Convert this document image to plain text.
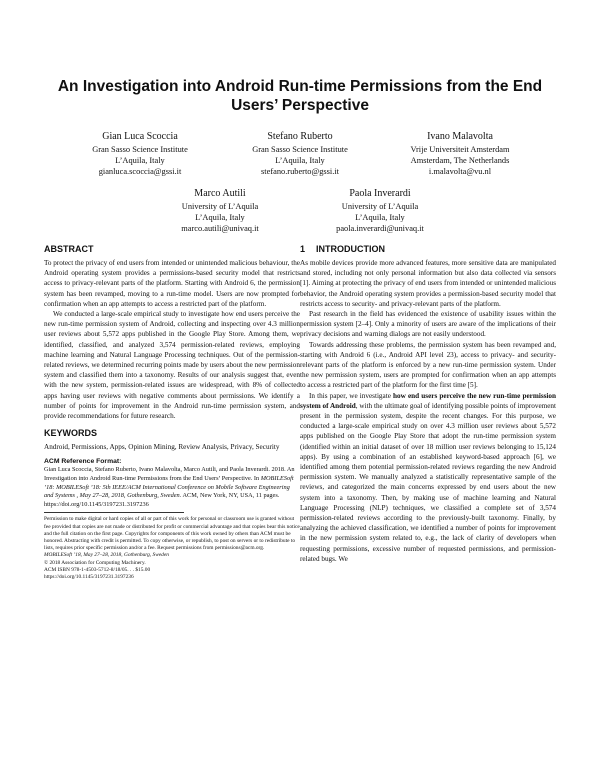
An Investigation into Android Run-time Permissions from the End Users’ Perspective
Gian Luca Scoccia
Gran Sasso Science Institute
L’Aquila, Italy
gianluca.scoccia@gssi.it
Stefano Ruberto
Gran Sasso Science Institute
L’Aquila, Italy
stefano.ruberto@gssi.it
Ivano Malavolta
Vrije Universiteit Amsterdam
Amsterdam, The Netherlands
i.malavolta@vu.nl
Marco Autili
University of L’Aquila
L’Aquila, Italy
marco.autili@univaq.it
Paola Inverardi
University of L’Aquila
L’Aquila, Italy
paola.inverardi@univaq.it
ABSTRACT

To protect the privacy of end users from intended or unintended malicious behaviour, the Android operating system provides a permissions-based security model that restricts access to privacy-relevant parts of the platform. Starting with Android 6, the permission system has been revamped, moving to a run-time model. Users are now prompted for confirmation when an app attempts to access a restricted part of the platform.

We conducted a large-scale empirical study to investigate how end users perceive the new run-time permission system of Android, collecting and inspecting over 4.3 million user reviews about 5,572 apps published in the Google Play Store. Among them, we identified, classified, and analyzed 3,574 permission-related reviews, employing machine learning and Natural Language Processing techniques. Out of the permission-related reviews, we determined recurring points made by users about the new permission system and classified them into a taxonomy. Results of our analysis suggest that, even with the new system, permission-related issues are widespread, with 8% of collected apps having user reviews with negative comments about permissions. We identify a number of points for improvement in the Android run-time permission system, and provide recommendations for future research.

KEYWORDS

Android, Permissions, Apps, Opinion Mining, Review Analysis, Privacy, Security

ACM Reference Format:
Gian Luca Scoccia, Stefano Ruberto, Ivano Malavolta, Marco Autili, and Paola Inverardi. 2018. An Investigation into Android Run-time Permissions from the End Users’ Perspective. In MOBILESoft ’18: MOBILESoft ’18: 5th IEEE/ACM International Conference on Mobile Software Engineering and Systems , May 27–28, 2018, Gothenburg, Sweden. ACM, New York, NY, USA, 11 pages. https://doi.org/10.1145/3197231.3197236
Permission to make digital or hard copies of all or part of this work for personal or classroom use is granted without fee provided that copies are not made or distributed for profit or commercial advantage and that copies bear this notice and the full citation on the first page. Copyrights for components of this work owned by others than ACM must be honored. Abstracting with credit is permitted. To copy otherwise, or republish, to post on servers or to redistribute to lists, requires prior specific permission and/or a fee. Request permissions from permissions@acm.org.
MOBILESoft ’18, May 27–28, 2018, Gothenburg, Sweden
© 2018 Association for Computing Machinery.
ACM ISBN 978-1-4503-5712-8/18/05. . . $15.00
https://doi.org/10.1145/3197231.3197236
1 INTRODUCTION

As mobile devices provide more advanced features, more sensitive data are manipulated and stored, including not only personal information but also data collected via sensors [1]. Aiming at protecting the privacy of end users from intended or unintended malicious behavior, the Android operating system provides a permission-based security model that restricts access to security- and privacy-relevant parts of the platform.

Past research in the field has evidenced the existence of usability issues within the permission system [2–4]. Only a minority of users are aware of the implications of their privacy decisions and warning dialogs are not easily understood.

Towards addressing these problems, the permission system has been revamped and, starting with Android 6 (i.e., Android API level 23), access to privacy- and security-relevant parts of the platform is enforced by a new run-time permission system. Under the new permission system, users are prompted for confirmation when an app attempts to access a restricted part of the platform for the first time [5].

In this paper, we investigate how end users perceive the new run-time permission system of Android, with the ultimate goal of identifying possible points of improvement present in the permission system, despite the recent changes. For this purpose, we conducted a large-scale empirical study on over 4.3 million user reviews about 5,572 apps published on the Google Play Store that adopt the run-time permission system (identified within an initial dataset of over 18 million user reviews belonging to 15,124 apps). By using a combination of an established keyword-based approach [6], we identified among them potential permission-related reviews regarding the new Android permission system. We manually analyzed a statistically representative sample of the reviews, and categorized the main concerns expressed by end users about the new system into a taxonomy. Then, by making use of machine learning and Natural Language Processing (NLP) techniques, we classified a complete set of 3,574 permission-related reviews according to the previously-built taxonomy. Finally, by analyzing the achieved classification, we identified a number of points for improvement in the new permission system related to, e.g., the lack of clarity of developers when requesting permissions, excessive number of requested permissions, and permission-related bugs. We
